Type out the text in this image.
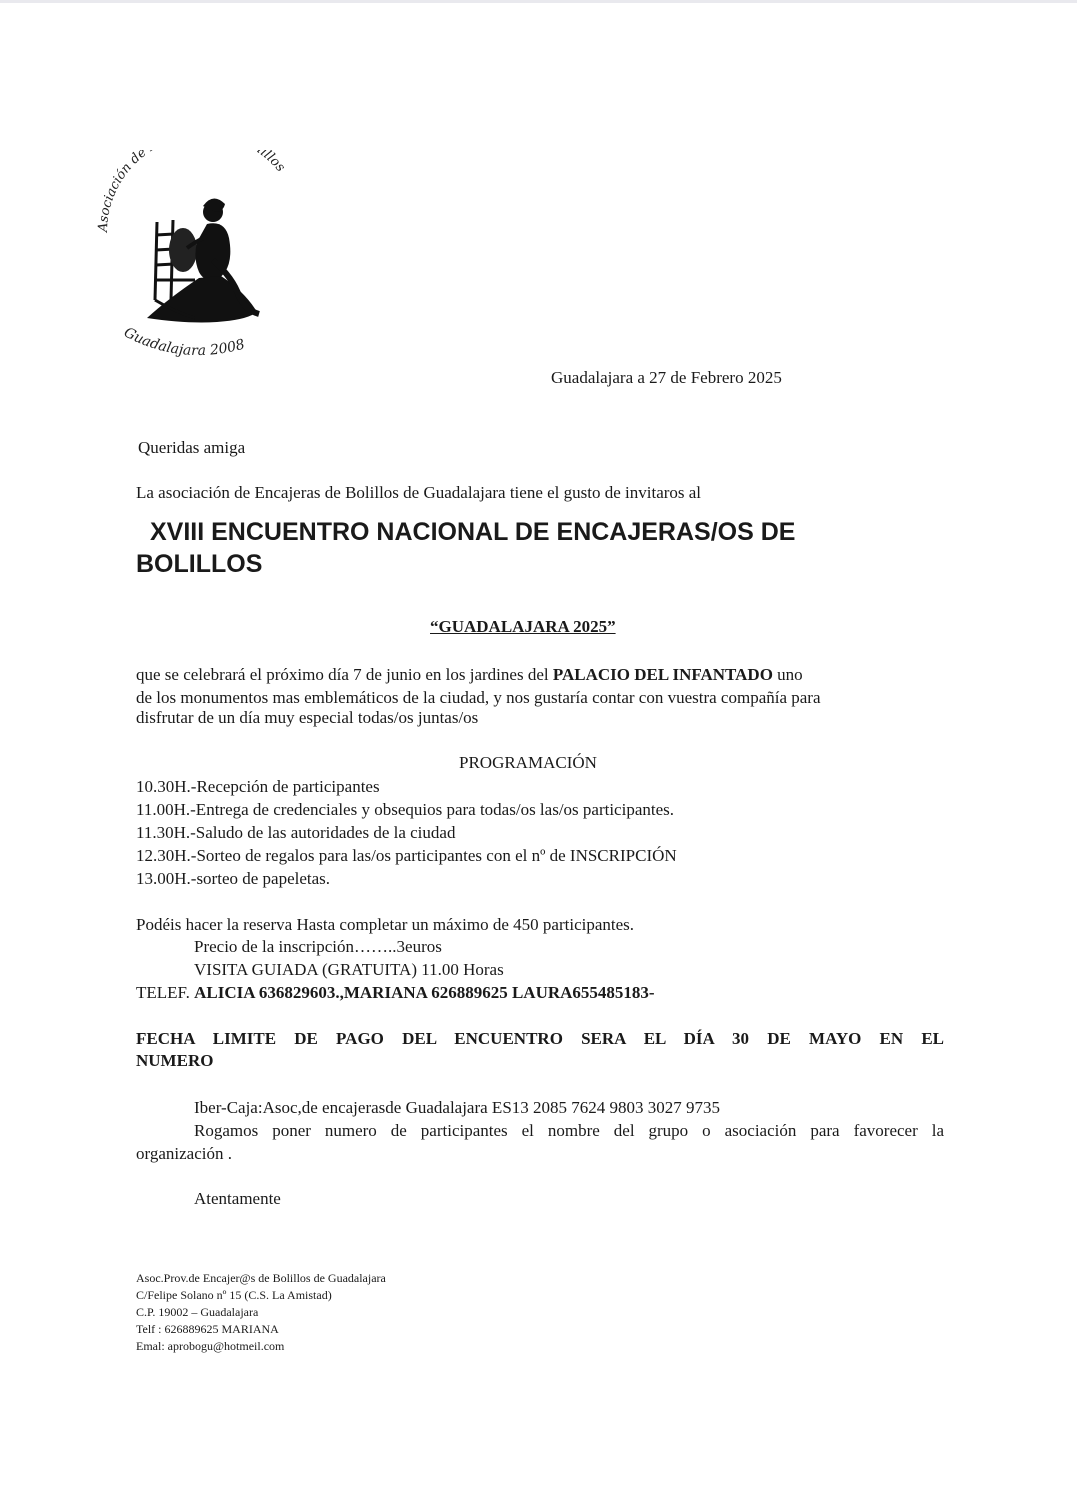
Asociación de illos
Guadalajara 2008
Guadalajara a 27 de Febrero 2025
Queridas amiga
La asociación de Encajeras de Bolillos de Guadalajara tiene el gusto de invitaros al
XVIII ENCUENTRO NACIONAL DE ENCAJERAS/OS DE
BOLILLOS
“GUADALAJARA 2025”
que se celebrará el próximo día 7 de junio en los jardines del PALACIO DEL INFANTADO uno
de los monumentos mas emblemáticos de la ciudad, y nos gustaría contar con vuestra compañía para
disfrutar de un día muy especial todas/os juntas/os
PROGRAMACIÓN
10.30H.-Recepción de participantes
11.00H.-Entrega de credenciales y obsequios para todas/os las/os participantes.
11.30H.-Saludo de las autoridades de la ciudad
12.30H.-Sorteo de regalos para las/os participantes con el nº de INSCRIPCIÓN
13.00H.-sorteo de papeletas.
Podéis hacer la reserva Hasta completar un máximo de 450 participantes.
Precio de la inscripción……..3euros
VISITA GUIADA (GRATUITA) 11.00 Horas
TELEF. ALICIA 636829603.,MARIANA 626889625 LAURA655485183-
FECHA LIMITE DE PAGO DEL ENCUENTRO SERA EL DÍA 30 DE MAYO EN EL
NUMERO
Iber-Caja:Asoc,de encajerasde Guadalajara ES13 2085 7624 9803 3027 9735
Rogamos poner numero de participantes el nombre del grupo o asociación para favorecer la
organización .
Atentamente
Asoc.Prov.de Encajer@s de Bolillos de Guadalajara
C/Felipe Solano nº 15 (C.S. La Amistad)
C.P. 19002 – Guadalajara
Telf : 626889625 MARIANA
Emal: aprobogu@hotmeil.com
